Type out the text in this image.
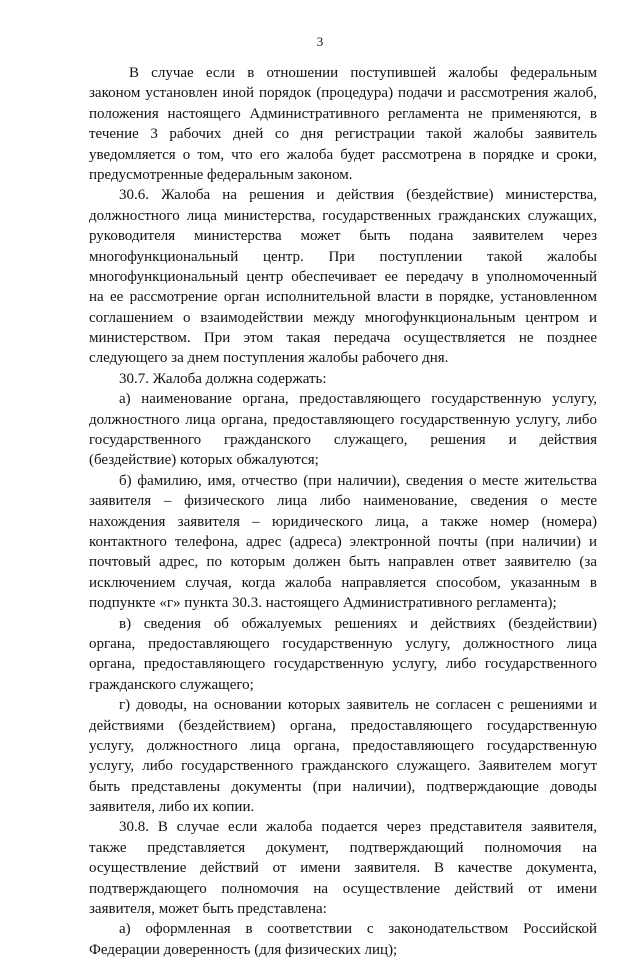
3
В случае если в отношении поступившей жалобы федеральным
законом установлен иной порядок (процедура) подачи и рассмотрения жалоб,
положения настоящего Административного регламента не применяются, в
течение 3 рабочих дней со дня регистрации такой жалобы заявитель
уведомляется о том, что его жалоба будет рассмотрена в порядке и сроки,
предусмотренные федеральным законом.
30.6. Жалоба на решения и действия (бездействие) министерства,
должностного лица министерства, государственных гражданских служащих,
руководителя министерства может быть подана заявителем через
многофункциональный центр. При поступлении такой жалобы
многофункциональный центр обеспечивает ее передачу в уполномоченный
на ее рассмотрение орган исполнительной власти в порядке, установленном
соглашением о взаимодействии между многофункциональным центром и
министерством. При этом такая передача осуществляется не позднее
следующего за днем поступления жалобы рабочего дня.
30.7. Жалоба должна содержать:
а) наименование органа, предоставляющего государственную услугу,
должностного лица органа, предоставляющего государственную услугу, либо
государственного гражданского служащего, решения и действия
(бездействие) которых обжалуются;
б) фамилию, имя, отчество (при наличии), сведения о месте жительства
заявителя – физического лица либо наименование, сведения о месте
нахождения заявителя – юридического лица, а также номер (номера)
контактного телефона, адрес (адреса) электронной почты (при наличии) и
почтовый адрес, по которым должен быть направлен ответ заявителю (за
исключением случая, когда жалоба направляется способом, указанным в
подпункте «г» пункта 30.3. настоящего Административного регламента);
в) сведения об обжалуемых решениях и действиях (бездействии)
органа, предоставляющего государственную услугу, должностного лица
органа, предоставляющего государственную услугу, либо государственного
гражданского служащего;
г) доводы, на основании которых заявитель не согласен с решениями и
действиями (бездействием) органа, предоставляющего государственную
услугу, должностного лица органа, предоставляющего государственную
услугу, либо государственного гражданского служащего. Заявителем могут
быть представлены документы (при наличии), подтверждающие доводы
заявителя, либо их копии.
30.8. В случае если жалоба подается через представителя заявителя,
также представляется документ, подтверждающий полномочия на
осуществление действий от имени заявителя. В качестве документа,
подтверждающего полномочия на осуществление действий от имени
заявителя, может быть представлена:
а) оформленная в соответствии с законодательством Российской
Федерации доверенность (для физических лиц);
